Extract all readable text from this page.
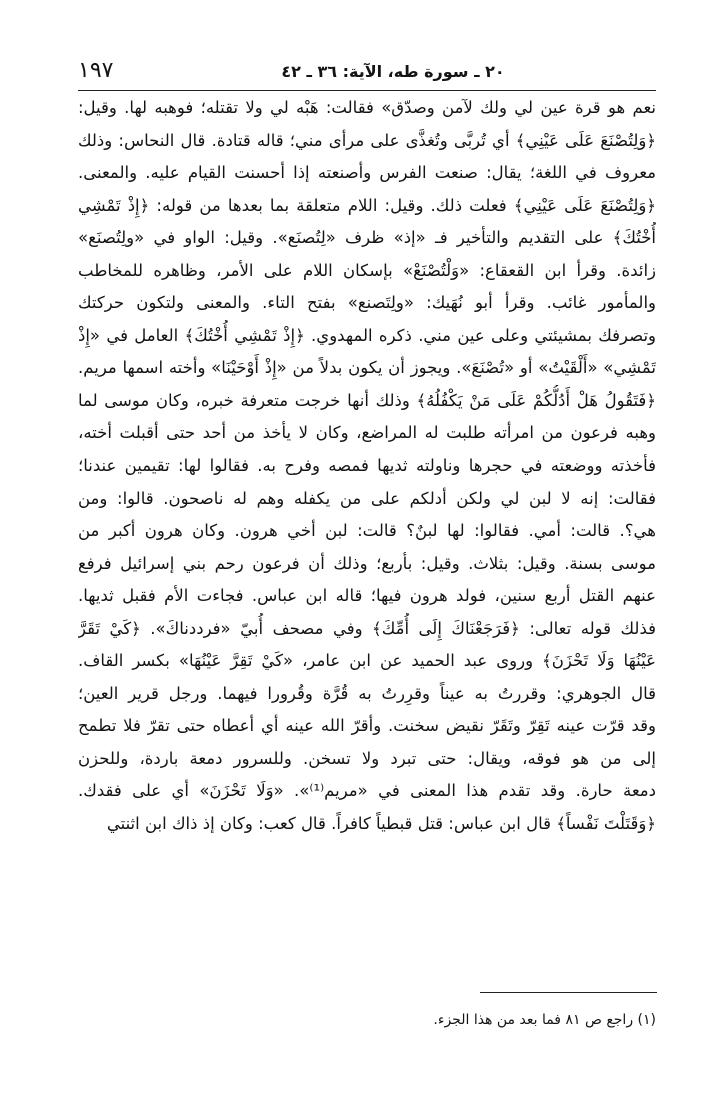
١٩٧	٢٠ ـ سورة طه، الآية: ٣٦ ـ ٤٢
نعم هو قرة عين لي ولك لآمن وصدّق» فقالت: هَبْه لي ولا تقتله؛ فوهبه لها. وقيل:
﴿وَلِتُصْنَعَ عَلَى عَيْنِي﴾ أي تُربَّى وتُغذَّى على مرأى مني؛ قاله قتادة. قال النحاس: وذلك
معروف في اللغة؛ يقال: صنعت الفرس وأصنعته إذا أحسنت القيام عليه. والمعنى.
﴿وَلِتُصْنَعَ عَلَى عَيْنِي﴾ فعلت ذلك. وقيل: اللام متعلقة بما بعدها من قوله: ﴿إِذْ تَمْشِي
أُخْتُكَ﴾ على التقديم والتأخير فـ «إذ» ظرف «لِتُصنَع». وقيل: الواو في «ولِتُصنَع»
زائدة. وقرأ ابن القعقاع: «وَلْتُصْنَعْ» بإسكان اللام على الأمر، وظاهره للمخاطب
والمأمور غائب. وقرأ أبو نُهَيك: «ولِتَصنع» بفتح التاء. والمعنى ولتكون حركتك
وتصرفك بمشيئتي وعلى عين مني. ذكره المهدوي. ﴿إِذْ تَمْشِي أُخْتُكَ﴾ العامل في «إِذْ
تَمْشِي» «أَلْقَيْتُ» أو «تُصْنَعَ». ويجوز أن يكون بدلاً من «إِذْ أَوْحَيْنَا» وأخته اسمها مريم.
﴿فَتَقُولُ هَلْ أَدُلُّكُمْ عَلَى مَنْ يَكْفُلُهُ﴾ وذلك أنها خرجت متعرفة خبره، وكان موسى لما
وهبه فرعون من امرأته طلبت له المراضع، وكان لا يأخذ من أحد حتى أقبلت أخته،
فأخذته ووضعته في حجرها وناولته ثديها فمصه وفرح به. فقالوا لها: تقيمين عندنا؛
فقالت: إنه لا لبن لي ولكن أدلكم على من يكفله وهم له ناصحون. قالوا: ومن
هي؟. قالت: أمي. فقالوا: لها لبنٌ؟ قالت: لبن أخي هرون. وكان هرون أكبر من
موسى بسنة. وقيل: بثلاث. وقيل: بأربع؛ وذلك أن فرعون رحم بني إسرائيل فرفع
عنهم القتل أربع سنين، فولد هرون فيها؛ قاله ابن عباس. فجاءت الأم فقبل ثديها.
فذلك قوله تعالى: ﴿فَرَجَعْنَاكَ إِلَى أُمِّكَ﴾ وفي مصحف أُبيّ «فرددناكَ». ﴿كَيْ تَقَرَّ
عَيْنُهَا وَلَا تَحْزَنَ﴾ وروى عبد الحميد عن ابن عامر، «كَيْ تَقِرَّ عَيْنُهَا» بكسر القاف.
قال الجوهري: وقررتُ به عيناً وقرِرتُ به قُرَّة وقُرورا فيهما. ورجل قرير العين؛
وقد قرّت عينه تَقِرّ وتَقَرّ نقيض سخنت. وأقرّ الله عينه أي أعطاه حتى تقرّ فلا تطمح
إلى من هو فوقه، ويقال: حتى تبرد ولا تسخن. وللسرور دمعة باردة، وللحزن
دمعة حارة. وقد تقدم هذا المعنى في «مريم⁽¹⁾». «وَلَا تَحْزَنَ» أي على فقدك.
﴿وَقَتَلْتَ نَفْساً﴾ قال ابن عباس: قتل قبطياً كافراً. قال كعب: وكان إذ ذاك ابن اثنتي
(١) راجع ص ٨١ فما بعد من هذا الجزء.
